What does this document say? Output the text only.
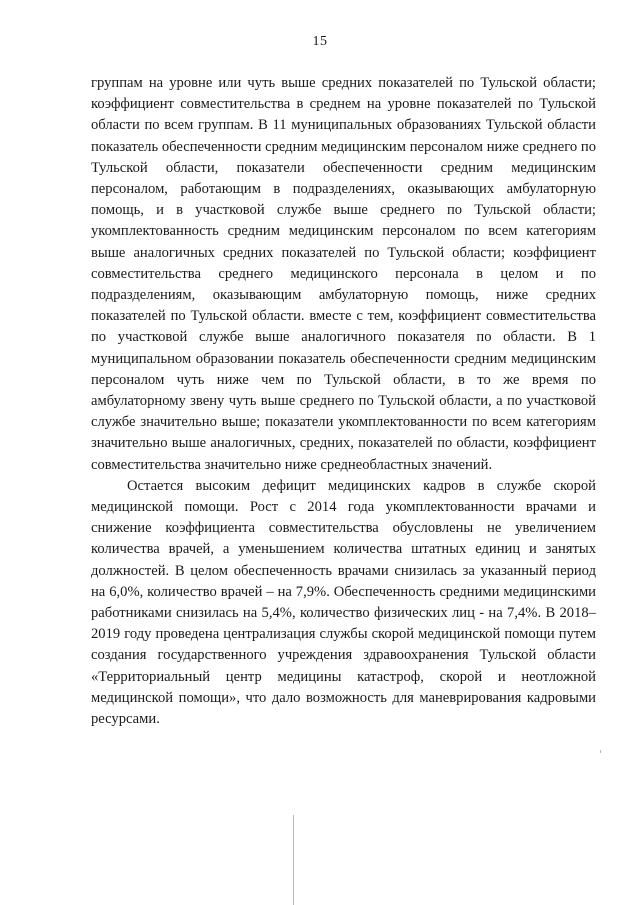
15

группам на уровне или чуть выше средних показателей по Тульской области; коэффициент совместительства в среднем на уровне показателей по Тульской области по всем группам. В 11 муниципальных образованиях Тульской области показатель обеспеченности средним медицинским персоналом ниже среднего по Тульской области, показатели обеспеченности средним медицинским персоналом, работающим в подразделениях, оказывающих амбулаторную помощь, и в участковой службе выше среднего по Тульской области; укомплектованность средним медицинским персоналом по всем категориям выше аналогичных средних показателей по Тульской области; коэффициент совместительства среднего медицинского персонала в целом и по подразделениям, оказывающим амбулаторную помощь, ниже средних показателей по Тульской области. вместе с тем, коэффициент совместительства по участковой службе выше аналогичного показателя по области. В 1 муниципальном образовании показатель обеспеченности средним медицинским персоналом чуть ниже чем по Тульской области, в то же время по амбулаторному звену чуть выше среднего по Тульской области, а по участковой службе значительно выше; показатели укомплектованности по всем категориям значительно выше аналогичных, средних, показателей по области, коэффициент совместительства значительно ниже среднеобластных значений.

Остается высоким дефицит медицинских кадров в службе скорой медицинской помощи. Рост с 2014 года укомплектованности врачами и снижение коэффициента совместительства обусловлены не увеличением количества врачей, а уменьшением количества штатных единиц и занятых должностей. В целом обеспеченность врачами снизилась за указанный период на 6,0%, количество врачей – на 7,9%. Обеспеченность средними медицинскими работниками снизилась на 5,4%, количество физических лиц - на 7,4%. В 2018–2019 году проведена централизация службы скорой медицинской помощи путем создания государственного учреждения здравоохранения Тульской области «Территориальный центр медицины катастроф, скорой и неотложной медицинской помощи», что дало возможность для маневрирования кадровыми ресурсами.
